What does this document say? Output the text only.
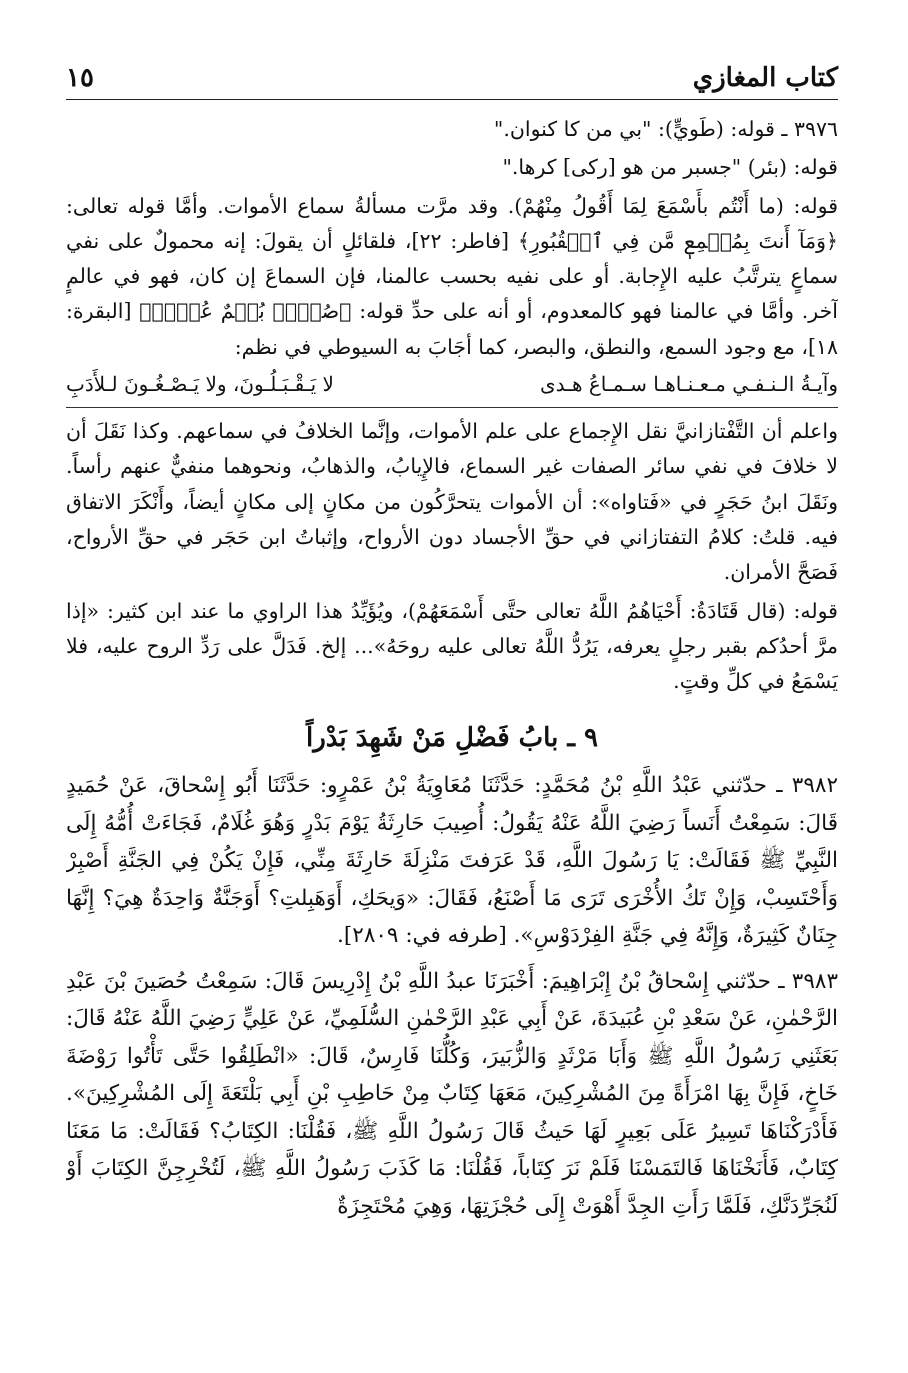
كتاب المغازي
١٥

٣٩٧٦ ـ قوله: (طَويٍّ): "بي من كا كنوان."

قوله: (بئر) "جسبر من هو [ركى] كرها."

قوله: (ما أَنْتُم بأَسْمَعَ لِمَا أَقُولُ مِنْهُمْ). وقد مرَّت مسألةُ سماع الأموات. وأمَّا قوله تعالى: ﴿وَمَآ أَنتَ بِمُسۡمِعٖ مَّن فِي ٱلۡقُبُورِ﴾ [فاطر: ٢٢]، فلقائلٍ أن يقولَ: إنه محمولٌ على نفي سماعٍ يترتَّبُ عليه الإِجابة. أو على نفيه بحسب عالمنا، فإن السماعَ إن كان، فهو في عالمٍ آخر. وأمَّا في عالمنا فهو كالمعدوم، أو أنه على حدِّ قوله: ﴿صُمُّۢ بُكۡمٌ عُمۡيٞ﴾ [البقرة: ١٨]، مع وجود السمع، والنطق، والبصر، كما أجَابَ به السيوطي في نظم:

وآيـةُ الـنـفـي مـعـنـاهـا سـمـاعُ هـدى
لا يَـقْـبَـلُـونَ، ولا يَـصْـغُـونَ لـلأَدَبِ

واعلم أن التَّفْتازانيَّ نقل الإِجماع على علم الأموات، وإنَّما الخلافُ في سماعهم. وكذا نَقَلَ أن لا خلافَ في نفي سائر الصفات غير السماع، فالإِيابُ، والذهابُ، ونحوهما منفيٌّ عنهم رأساً. ونَقَلَ ابنُ حَجَرٍ في «فَتاواه»: أن الأموات يتحرَّكُون من مكانٍ إلى مكانٍ أيضاً، وأَنْكَرَ الاتفاق فيه. قلتُ: كلامُ التفتازاني في حقِّ الأجساد دون الأرواح، وإثباتُ ابن حَجَر في حقِّ الأرواح، فَصَحَّ الأمران.

قوله: (قال قَتَادَةُ: أَحْيَاهُمُ اللَّهُ تعالى حتَّى أَسْمَعَهُمْ)، ويُؤَيِّدُ هذا الراوي ما عند ابن كثير: «إذا مرَّ أحدُكم بقبر رجلٍ يعرفه، يَرُدُّ اللَّهُ تعالى عليه روحَهُ»... إلخ. فَدَلَّ على رَدِّ الروح عليه، فلا يَسْمَعُ في كلِّ وقتٍ.

٩ ـ بابُ فَضْلِ مَنْ شَهِدَ بَدْراً

٣٩٨٢ ـ حدّثني عَبْدُ اللَّهِ بْنُ مُحَمَّدٍ: حَدَّثَنَا مُعَاوِيَةُ بْنُ عَمْرٍو: حَدَّثَنَا أَبُو إِسْحاقَ، عَنْ حُمَيدٍ قَالَ: سَمِعْتُ أَنَساً رَضِيَ اللَّهُ عَنْهُ يَقُولُ: أُصِيبَ حَارِثَةُ يَوْمَ بَدْرٍ وَهُوَ غُلَامٌ، فَجَاءَتْ أُمُّهُ إِلَى النَّبِيِّ ﷺ فَقَالَتْ: يَا رَسُولَ اللَّهِ، قَدْ عَرَفتَ مَنْزِلَةَ حَارِثَةَ مِنِّي، فَإِنْ يَكُنْ فِي الجَنَّةِ أَصْبِرْ وَأَحْتَسِبْ، وَإِنْ تَكُ الأُخْرَى تَرَى مَا أَصْنَعُ، فَقَالَ: «وَيحَكِ، أَوَهَبِلتِ؟ أَوَجَنَّةٌ وَاحِدَةٌ هِيَ؟ إِنَّهَا جِنَانٌ كَثِيرَةٌ، وَإِنَّهُ فِي جَنَّةِ الفِرْدَوْسِ». [طرفه في: ٢٨٠٩].

٣٩٨٣ ـ حدّثني إِسْحاقُ بْنُ إِبْرَاهِيمَ: أَخْبَرَنَا عبدُ اللَّهِ بْنُ إِدْرِيسَ قَالَ: سَمِعْتُ حُصَينَ بْنَ عَبْدِ الرَّحْمٰنِ، عَنْ سَعْدِ بْنِ عُبَيدَةَ، عَنْ أَبِي عَبْدِ الرَّحْمٰنِ السُّلَمِيِّ، عَنْ عَلِيٍّ رَضِيَ اللَّهُ عَنْهُ قَالَ: بَعَثَنِي رَسُولُ اللَّهِ ﷺ وَأَبَا مَرْثَدٍ وَالزُّبَيرَ، وَكُلُّنَا فَارِسٌ، قَالَ: «انْطَلِقُوا حَتَّى تَأْتُوا رَوْضَةَ خَاخٍ، فَإِنَّ بِهَا امْرَأَةً مِنَ المُشْرِكِينَ، مَعَهَا كِتَابٌ مِنْ حَاطِبِ بْنِ أَبِي بَلْتَعَةَ إِلَى المُشْرِكِينَ». فَأَدْرَكْنَاهَا تَسِيرُ عَلَى بَعِيرٍ لَهَا حَيثُ قَالَ رَسُولُ اللَّهِ ﷺ، فَقُلْنَا: الكِتَابُ؟ فَقَالَتْ: مَا مَعَنَا كِتَابٌ، فَأَنَخْنَاهَا فَالتَمَسْنَا فَلَمْ نَرَ كِتَاباً، فَقُلْنَا: مَا كَذَبَ رَسُولُ اللَّهِ ﷺ، لَتُخْرِجِنَّ الكِتَابَ أَوْ لَنُجَرِّدَنَّكِ، فَلَمَّا رَأَتِ الجِدَّ أَهْوَتْ إِلَى حُجْزَتِهَا، وَهِيَ مُحْتَجِزَةٌ
